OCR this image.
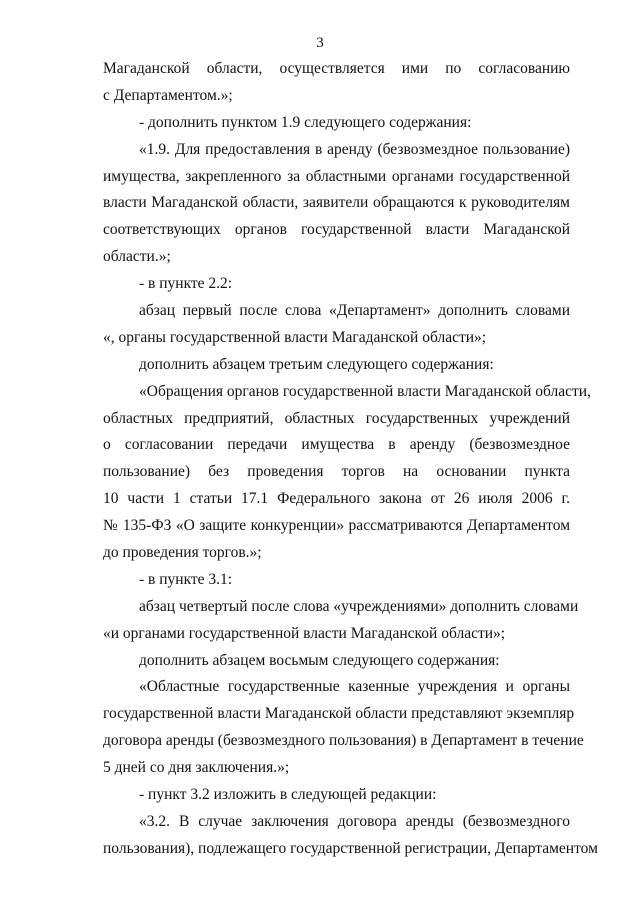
3
Магаданской области, осуществляется ими по согласованию
с Департаментом.»;
- дополнить пунктом 1.9 следующего содержания:
«1.9. Для предоставления в аренду (безвозмездное пользование)
имущества, закрепленного за областными органами государственной
власти Магаданской области, заявители обращаются к руководителям
соответствующих органов государственной власти Магаданской
области.»;
- в пункте 2.2:
абзац первый после слова «Департамент» дополнить словами
«, органы государственной власти Магаданской области»;
дополнить абзацем третьим следующего содержания:
«Обращения органов государственной власти Магаданской области,
областных предприятий, областных государственных учреждений
о согласовании передачи имущества в аренду (безвозмездное
пользование) без проведения торгов на основании пункта
10 части 1 статьи 17.1 Федерального закона от 26 июля 2006 г.
№ 135-ФЗ «О защите конкуренции» рассматриваются Департаментом
до проведения торгов.»;
- в пункте 3.1:
абзац четвертый после слова «учреждениями» дополнить словами
«и органами государственной власти Магаданской области»;
дополнить абзацем восьмым следующего содержания:
«Областные государственные казенные учреждения и органы
государственной власти Магаданской области представляют экземпляр
договора аренды (безвозмездного пользования) в Департамент в течение
5 дней со дня заключения.»;
- пункт 3.2 изложить в следующей редакции:
«3.2. В случае заключения договора аренды (безвозмездного
пользования), подлежащего государственной регистрации, Департаментом
